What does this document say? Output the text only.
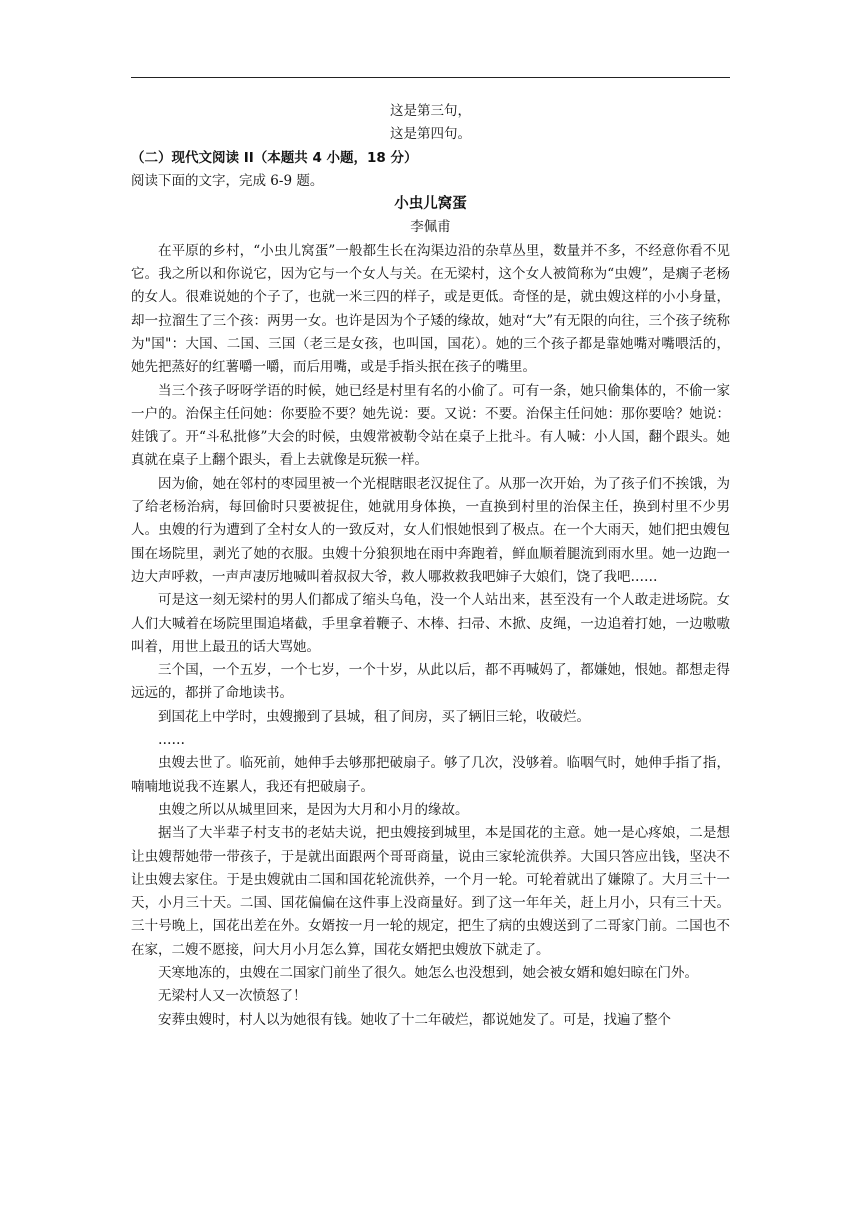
这是第三句，

这是第四句。

（二）现代文阅读 II（本题共 4 小题，18 分）

阅读下面的文字，完成 6-9 题。

小虫儿窝蛋

李佩甫

在平原的乡村，“小虫儿窝蛋”一般都生长在沟渠边沿的杂草丛里，数量并不多，不经意你看不见它。我之所以和你说它，因为它与一个女人与关。在无梁村，这个女人被简称为“虫嫂”，是瘸子老杨的女人。很难说她的个子了，也就一米三四的样子，或是更低。奇怪的是，就虫嫂这样的小小身量，却一拉溜生了三个孩：两男一女。也许是因为个子矮的缘故，她对“大”有无限的向往，三个孩子统称为"国"：大国、二国、三国（老三是女孩，也叫国，国花）。她的三个孩子都是靠她嘴对嘴喂活的，她先把蒸好的红薯嚼一嚼，而后用嘴，或是手指头抿在孩子的嘴里。

当三个孩子呀呀学语的时候，她已经是村里有名的小偷了。可有一条，她只偷集体的，不偷一家一户的。治保主任问她：你要脸不要？她先说：要。又说：不要。治保主任问她：那你要啥？她说：娃饿了。开“斗私批修”大会的时候，虫嫂常被勒令站在桌子上批斗。有人喊：小人国，翻个跟头。她真就在桌子上翻个跟头，看上去就像是玩猴一样。

因为偷，她在邻村的枣园里被一个光棍瞎眼老汉捉住了。从那一次开始，为了孩子们不挨饿，为了给老杨治病，每回偷时只要被捉住，她就用身体换，一直换到村里的治保主任，换到村里不少男人。虫嫂的行为遭到了全村女人的一致反对，女人们恨她恨到了极点。在一个大雨天，她们把虫嫂包围在场院里，剥光了她的衣服。虫嫂十分狼狈地在雨中奔跑着，鲜血顺着腿流到雨水里。她一边跑一边大声呼救，一声声凄厉地喊叫着叔叔大爷，救人哪救救我吧婶子大娘们，饶了我吧……

可是这一刻无梁村的男人们都成了缩头乌龟，没一个人站出来，甚至没有一个人敢走进场院。女人们大喊着在场院里围追堵截，手里拿着鞭子、木棒、扫帚、木掀、皮绳，一边追着打她，一边嗷嗷叫着，用世上最丑的话大骂她。

三个国，一个五岁，一个七岁，一个十岁，从此以后，都不再喊妈了，都嫌她，恨她。都想走得远远的，都拼了命地读书。

到国花上中学时，虫嫂搬到了县城，租了间房，买了辆旧三轮，收破烂。

……

虫嫂去世了。临死前，她伸手去够那把破扇子。够了几次，没够着。临咽气时，她伸手指了指，喃喃地说我不连累人，我还有把破扇子。

虫嫂之所以从城里回来，是因为大月和小月的缘故。

据当了大半辈子村支书的老姑夫说，把虫嫂接到城里，本是国花的主意。她一是心疼娘，二是想让虫嫂帮她带一带孩子，于是就出面跟两个哥哥商量，说由三家轮流供养。大国只答应出钱，坚决不让虫嫂去家住。于是虫嫂就由二国和国花轮流供养，一个月一轮。可轮着就出了嫌隙了。大月三十一天，小月三十天。二国、国花偏偏在这件事上没商量好。到了这一年年关，赶上月小，只有三十天。三十号晚上，国花出差在外。女婿按一月一轮的规定，把生了病的虫嫂送到了二哥家门前。二国也不在家，二嫂不愿接，问大月小月怎么算，国花女婿把虫嫂放下就走了。

天寒地冻的，虫嫂在二国家门前坐了很久。她怎么也没想到，她会被女婿和媳妇晾在门外。

无梁村人又一次愤怒了！

安葬虫嫂时，村人以为她很有钱。她收了十二年破烂，都说她发了。可是，找遍了整个
